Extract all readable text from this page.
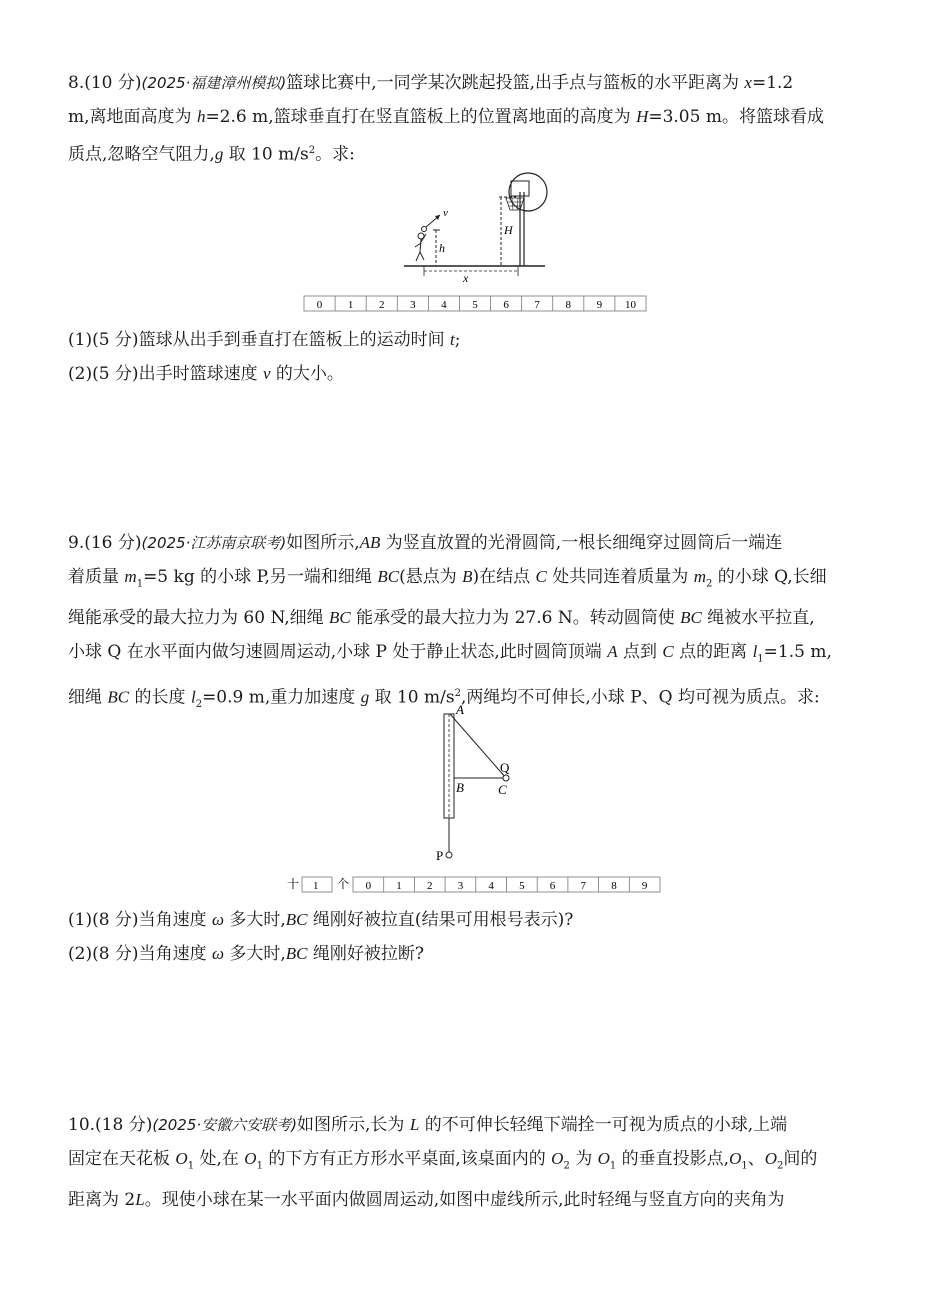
8.(10 分)(2025·福建漳州模拟)篮球比赛中,一同学某次跳起投篮,出手点与篮板的水平距离为 x=1.2
m,离地面高度为 h=2.6 m,篮球垂直打在竖直篮板上的位置离地面的高度为 H=3.05 m。将篮球看成
质点,忽略空气阻力,g 取 10 $m/s^2$。求:
v
h
H
x
0 1 2 3 4 5 6 7 8 9 10
(1)(5 分)篮球从出手到垂直打在篮板上的运动时间 t;
(2)(5 分)出手时篮球速度 v 的大小。
9.(16 分)(2025·江苏南京联考)如图所示,AB 为竖直放置的光滑圆筒,一根长细绳穿过圆筒后一端连
着质量 $m_1=5$ kg 的小球 P,另一端和细绳 BC(悬点为 B)在结点 C 处共同连着质量为 $m_2$ 的小球 Q,长细
绳能承受的最大拉力为 60 N,细绳 BC 能承受的最大拉力为 27.6 N。转动圆筒使 BC 绳被水平拉直,
小球 Q 在水平面内做匀速圆周运动,小球 P 处于静止状态,此时圆筒顶端 A 点到 C 点的距离 $l_1=1.5$ m,
细绳 BC 的长度 $l_2=0.9$ m,重力加速度 g 取 10 $m/s^2$,两绳均不可伸长,小球 P、Q 均可视为质点。求:
A
B
Q
C
P
十 1 个 0 1 2 3 4 5 6 7 8 9
(1)(8 分)当角速度 ω 多大时,BC 绳刚好被拉直(结果可用根号表示)?
(2)(8 分)当角速度 ω 多大时,BC 绳刚好被拉断?
10.(18 分)(2025·安徽六安联考)如图所示,长为 L 的不可伸长轻绳下端拴一可视为质点的小球,上端
固定在天花板 $O_1$ 处,在 $O_1$ 的下方有正方形水平桌面,该桌面内的 $O_2$ 为 $O_1$ 的垂直投影点$,O_1$、$O_2$间的
距离为 2L。现使小球在某一水平面内做圆周运动,如图中虚线所示,此时轻绳与竖直方向的夹角为
